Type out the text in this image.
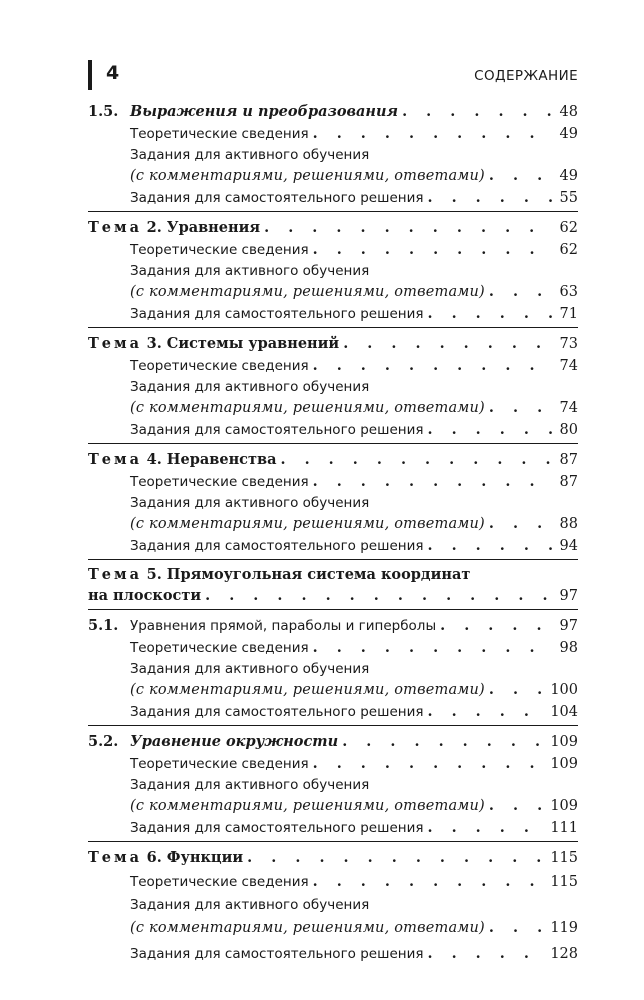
4	СОДЕРЖАНИЕ
1.5. Выражения и преобразования . . .	48
Теоретические сведения . . .	49
Задания для активного обучения
(с комментариями, решениями, ответами) . . .	49
Задания для самостоятельного решения . . .	55
Тема 2. Уравнения . . .	62
Теоретические сведения . . .	62
Задания для активного обучения
(с комментариями, решениями, ответами) . . .	63
Задания для самостоятельного решения . . .	71
Тема 3. Системы уравнений . . .	73
Теоретические сведения . . .	74
Задания для активного обучения
(с комментариями, решениями, ответами) . . .	74
Задания для самостоятельного решения . . .	80
Тема 4. Неравенства . . .	87
Теоретические сведения . . .	87
Задания для активного обучения
(с комментариями, решениями, ответами) . . .	88
Задания для самостоятельного решения . . .	94
Тема 5. Прямоугольная система координат
на плоскости . . .	97
5.1. Уравнения прямой, параболы и гиперболы . . .	97
Теоретические сведения . . .	98
Задания для активного обучения
(с комментариями, решениями, ответами) . . .	100
Задания для самостоятельного решения . . .	104
5.2. Уравнение окружности . . .	109
Теоретические сведения . . .	109
Задания для активного обучения
(с комментариями, решениями, ответами) . . .	109
Задания для самостоятельного решения . . .	111
Тема 6. Функции . . .	115
Теоретические сведения . . .	115
Задания для активного обучения
(с комментариями, решениями, ответами) . . .	119
Задания для самостоятельного решения . . .	128
